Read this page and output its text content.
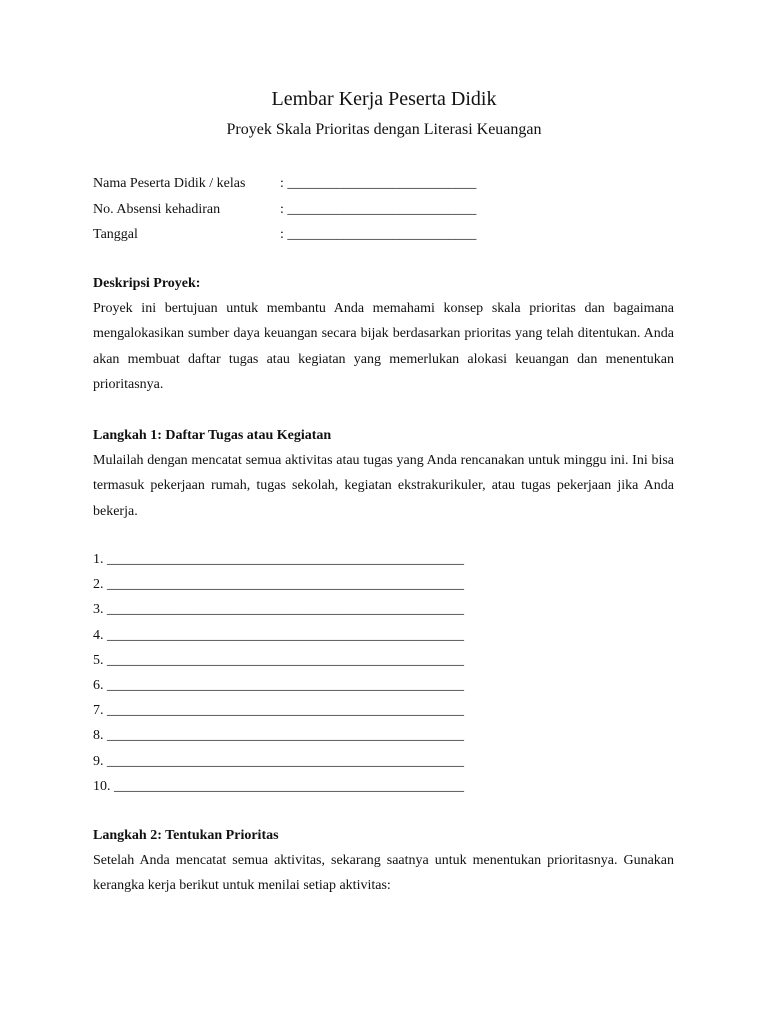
Lembar Kerja Peserta Didik
Proyek Skala Prioritas dengan Literasi Keuangan
Nama Peserta Didik / kelas : ___________________________
No. Absensi kehadiran	: ___________________________
Tanggal	: ___________________________
Deskripsi Proyek:
Proyek ini bertujuan untuk membantu Anda memahami konsep skala prioritas dan bagaimana mengalokasikan sumber daya keuangan secara bijak berdasarkan prioritas yang telah ditentukan. Anda akan membuat daftar tugas atau kegiatan yang memerlukan alokasi keuangan dan menentukan prioritasnya.
Langkah 1: Daftar Tugas atau Kegiatan
Mulailah dengan mencatat semua aktivitas atau tugas yang Anda rencanakan untuk minggu ini. Ini bisa termasuk pekerjaan rumah, tugas sekolah, kegiatan ekstrakurikuler, atau tugas pekerjaan jika Anda bekerja.
1. ___________________________________________________
2. ___________________________________________________
3. ___________________________________________________
4. ___________________________________________________
5. ___________________________________________________
6. ___________________________________________________
7. ___________________________________________________
8. ___________________________________________________
9. ___________________________________________________
10. __________________________________________________
Langkah 2: Tentukan Prioritas
Setelah Anda mencatat semua aktivitas, sekarang saatnya untuk menentukan prioritasnya. Gunakan kerangka kerja berikut untuk menilai setiap aktivitas:
